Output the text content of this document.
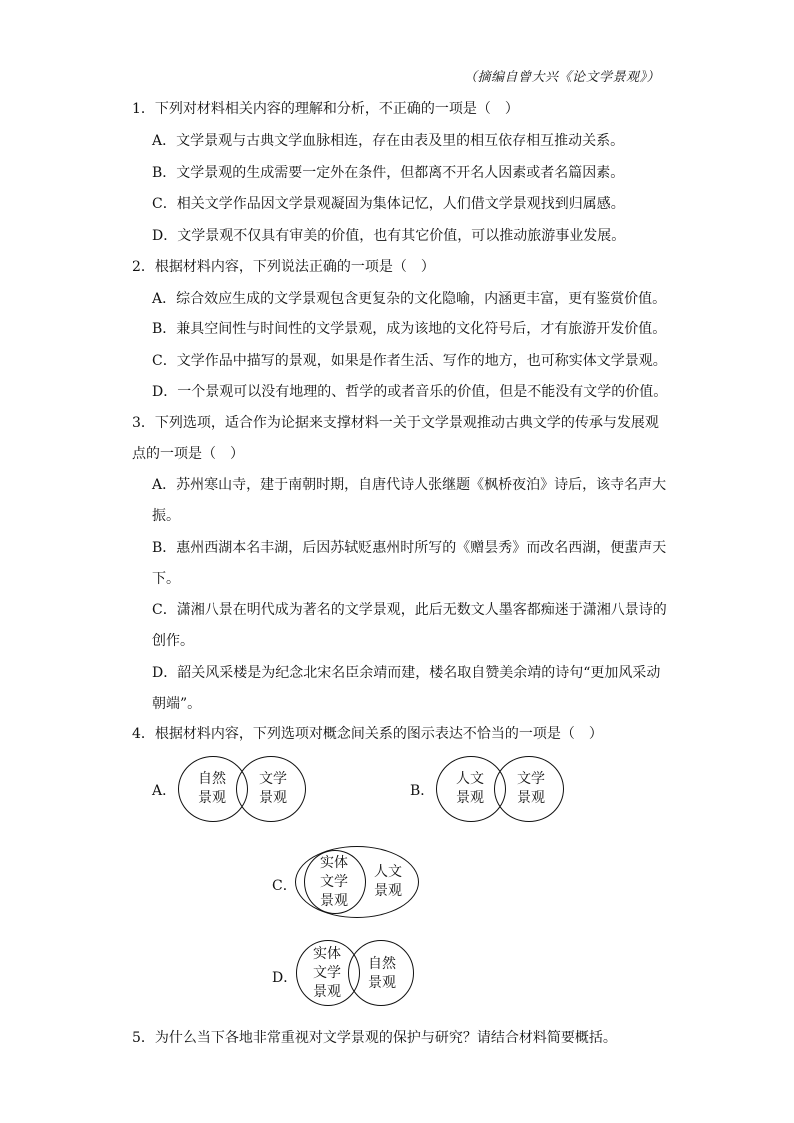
（摘编自曾大兴《论文学景观》）
1．下列对材料相关内容的理解和分析，不正确的一项是（　）
A．文学景观与古典文学血脉相连，存在由表及里的相互依存相互推动关系。
B．文学景观的生成需要一定外在条件，但都离不开名人因素或者名篇因素。
C．相关文学作品因文学景观凝固为集体记忆，人们借文学景观找到归属感。
D．文学景观不仅具有审美的价值，也有其它价值，可以推动旅游事业发展。
2．根据材料内容，下列说法正确的一项是（　）
A．综合效应生成的文学景观包含更复杂的文化隐喻，内涵更丰富，更有鉴赏价值。
B．兼具空间性与时间性的文学景观，成为该地的文化符号后，才有旅游开发价值。
C．文学作品中描写的景观，如果是作者生活、写作的地方，也可称实体文学景观。
D．一个景观可以没有地理的、哲学的或者音乐的价值，但是不能没有文学的价值。
3．下列选项，适合作为论据来支撑材料一关于文学景观推动古典文学的传承与发展观
点的一项是（　）
A．苏州寒山寺，建于南朝时期，自唐代诗人张继题《枫桥夜泊》诗后，该寺名声大
振。
B．惠州西湖本名丰湖，后因苏轼贬惠州时所写的《赠昙秀》而改名西湖，便蜚声天
下。
C．潇湘八景在明代成为著名的文学景观，此后无数文人墨客都痴迷于潇湘八景诗的
创作。
D．韶关风采楼是为纪念北宋名臣余靖而建，楼名取自赞美余靖的诗句“更加风采动
朝端”。
4．根据材料内容，下列选项对概念间关系的图示表达不恰当的一项是（　）
A．
自然
景观
文学
景观	B．
人文
景观
文学
景观
C．
实体
文学
景观
人文
景观
D．
实体
文学
景观
自然
景观
5．为什么当下各地非常重视对文学景观的保护与研究？请结合材料简要概括。
